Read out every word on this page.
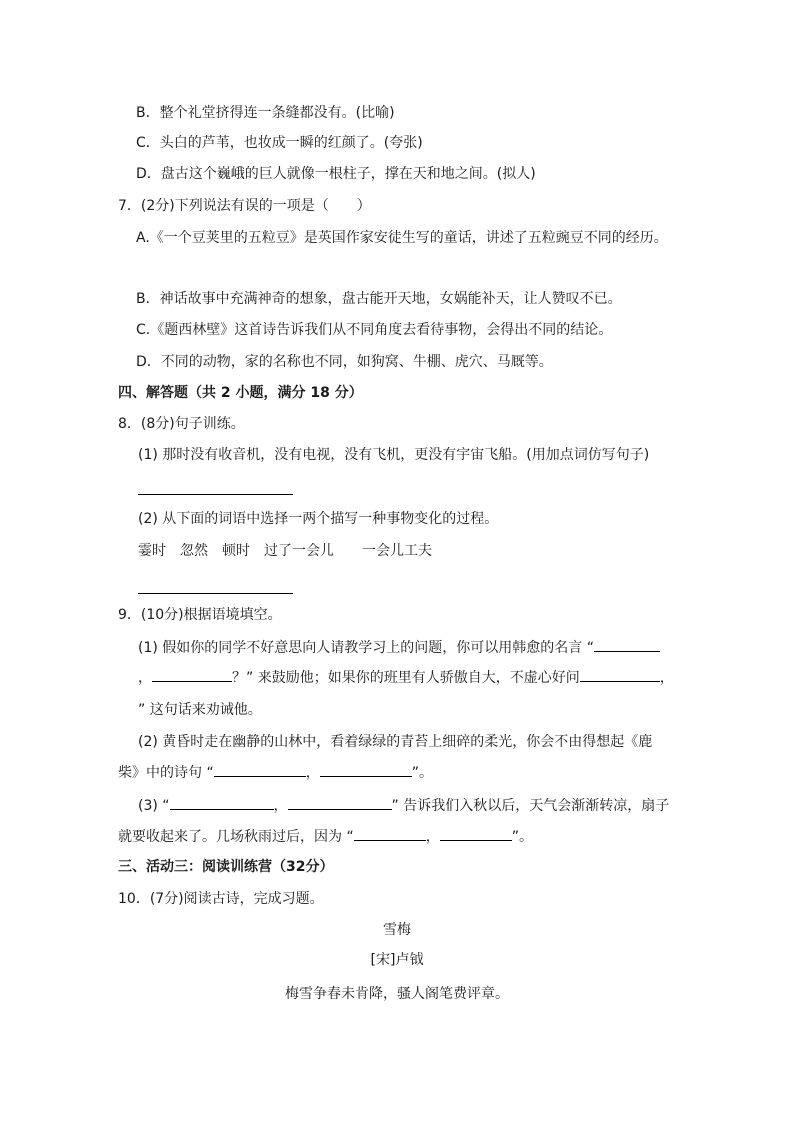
B．整个礼堂挤得连一条缝都没有。(比喻)
C．头白的芦苇，也妆成一瞬的红颜了。(夸张)
D．盘古这个巍峨的巨人就像一根柱子，撑在天和地之间。(拟人)
7．(2分)下列说法有误的一项是（　　）
A.《一个豆荚里的五粒豆》是英国作家安徒生写的童话，讲述了五粒豌豆不同的经历。
B．神话故事中充满神奇的想象，盘古能开天地，女娲能补天，让人赞叹不已。
C.《题西林壁》这首诗告诉我们从不同角度去看待事物，会得出不同的结论。
D．不同的动物，家的名称也不同，如狗窝、牛棚、虎穴、马厩等。
四、解答题（共 2 小题，满分 18 分）
8．(8分)句子训练。
(1) 那时没有收音机，没有电视，没有飞机，更没有宇宙飞船。(用加点词仿写句子)
(2) 从下面的词语中选择一两个描写一种事物变化的过程。
霎时　忽然　顿时　过了一会儿　　一会儿工夫
9．(10分)根据语境填空。
(1) 假如你的同学不好意思向人请教学习上的问题，你可以用韩愈的名言 “
，	？” 来鼓励他；如果你的班里有人骄傲自大，不虚心好问	，
” 这句话来劝诫他。
(2) 黄昏时走在幽静的山林中，看着绿绿的青苔上细碎的柔光，你会不由得想起《鹿
柴》中的诗句 “	，	”。
(3) “	，	” 告诉我们入秋以后，天气会渐渐转凉，扇子
就要收起来了。几场秋雨过后，因为 “	，	”。
三、活动三：阅读训练营（32分）
10．(7分)阅读古诗，完成习题。
雪梅
[宋]卢钺
梅雪争春未肯降，骚人阁笔费评章。
